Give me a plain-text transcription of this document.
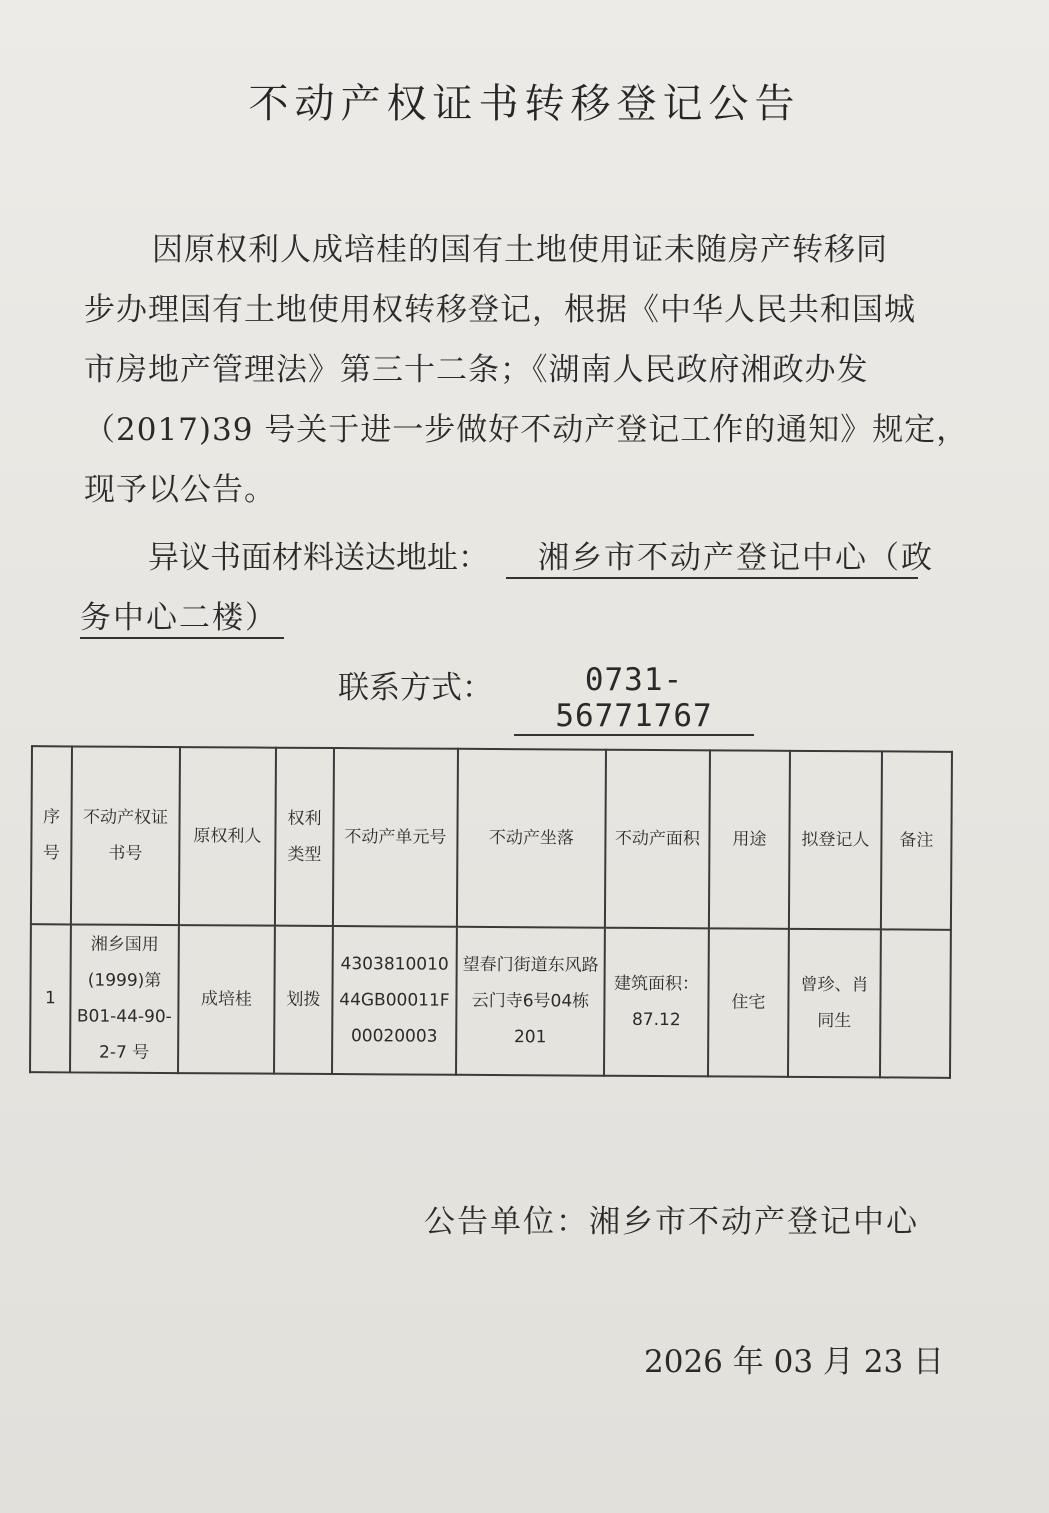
不动产权证书转移登记公告
因原权利人成培桂的国有土地使用证未随房产转移同
步办理国有土地使用权转移登记，根据《中华人民共和国城
市房地产管理法》第三十二条；《湖南人民政府湘政办发
（2017)39 号关于进一步做好不动产登记工作的通知》规定，
现予以公告。
异议书面材料送达地址：	湘乡市不动产登记中心（政
务中心二楼）
联系方式：	0731-56771767
序号	不动产权证书号	原权利人	权利类型	不动产单元号	不动产坐落	不动产面积	用途	拟登记人	备注
1	湘乡国用(1999)第B01-44-90-2-7 号	成培桂	划拨	430381001044GB00011F00020003	望春门街道东风路云门寺6号04栋201	建筑面积：87.12	住宅	曾珍、肖同生	
公告单位：湘乡市不动产登记中心
2026 年 03 月 23 日
